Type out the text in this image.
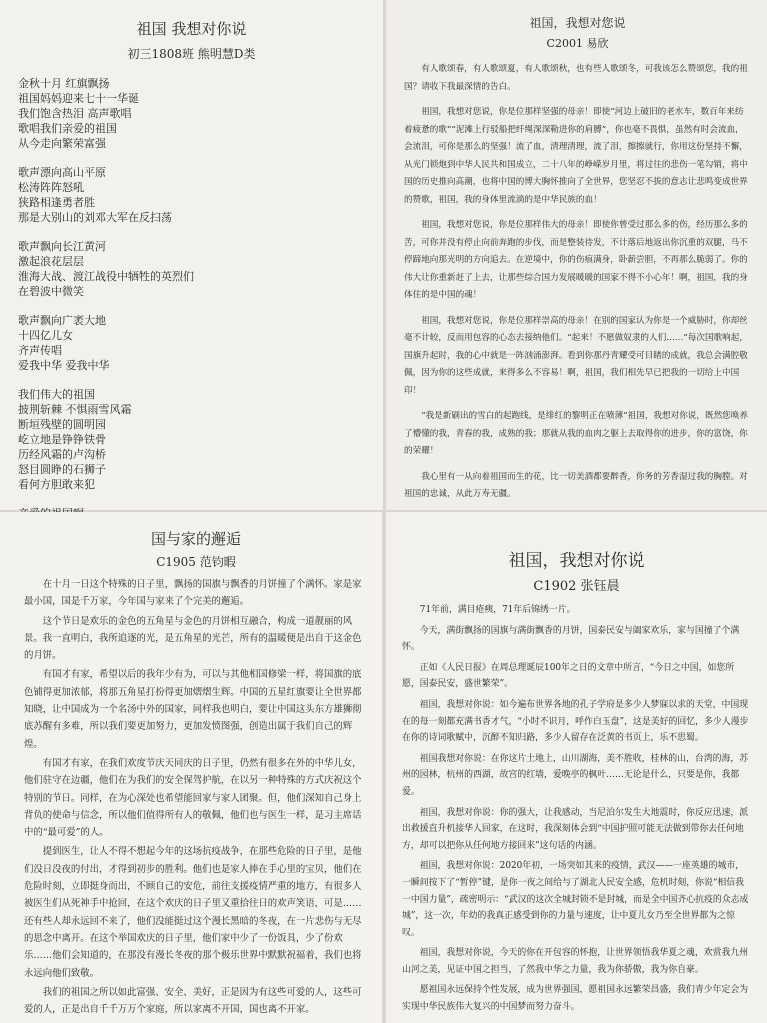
祖国 我想对你说
初三1808班 熊明慧D类
金秋十月 红旗飘扬
祖国妈妈迎来七十一华诞
我们饱含热泪 高声歌唱
歌唱我们亲爱的祖国
从今走向繁荣富强
歌声漂向高山平原
松涛阵阵怒吼
狭路相逢勇者胜
那是大别山的刘邓大军在反扫荡
歌声飘向长江黄河
激起浪花层层
淮海大战、渡江战役中牺牲的英烈们
在碧波中微笑
歌声飘向广袤大地
十四亿儿女
齐声传唱
爱我中华 爱我中华
我们伟大的祖国
披荆斩棘 不惧雨雪风霜
断垣残壁的圆明园
屹立地是铮铮铁骨
历经风霜的卢沟桥
怒目圆睁的石狮子
看何方胆敢来犯
祖国，我想对您说
C2001 易欣

有人歌颂春，有人歌颂夏，有人歌颂秋，也有些人歌颂冬，可我该怎么赞颂您，我的祖国？请收下我最深情的告白。

祖国，我想对您说，你是位那样坚强的母亲！即使“河边上破旧的老水车，数百年来纺着疲惫的歌”“泥滩上行驳船把纤绳深深勒进你的肩膊”，你也毫不畏惧，虽然有时会流血，会流泪，可你是那么的坚强！流了血，清理清理，流了泪，擦擦就行，你用这份坚持不懈，从光门锁炮到中华人民共和国成立，二十八年的峥嵘岁月里，将过往的悲伤一笔勾销，将中国的历史推向高潮，也将中国的博大胸怀推向了全世界，您坚忍不拔的意志让悲鸣变成世界的赞歌，祖国，我的身体里流淌的是中华民族的血！

祖国，我想对您说，你是位那样伟大的母亲！即使你曾受过那么多的伤，经历那么多的苦，可你并没有停止向前奔跑的步伐，而是整装待发，不计落后地返出你沉重的双腿，马不停蹄地向那光明的方向追去。在逆境中，你的伤痕满身，卧薪尝胆，不再那么脆弱了。你的伟大让你重新赶了上去，让那些综合国力发展暖暖的国家不得不小心年！啊，祖国，我的身体住的是中国的魂！

祖国，我想对您说，你是位那样崇高的母亲！在别的国家认为你是一个威胁时，你却丝毫不计较，反而用包容的心态去接纳他们。“起来！不愿做奴隶的人们……”每次国歌响起，国旗升起时，我的心中就是一阵汹涌澎湃。看到你那丹青耀受可目睹的成就，我总会满腔敬佩，因为你的这些成就，来得多么不容易！啊，祖国，我们相先早已把我的一切给上中国印！

“我是新刷出的雪白的起跑线，是绯红的黎明正在喷薄”祖国，我想对你说，既然您唤养了懵懂的我，青春的我，成熟的我；那就从我的血肉之躯上去取得你的进步，你的富饶，你的荣耀！

我心里有一从向着祖国而生的花，比一切美酒都要醉香，你务的芳香湿过我的胸膛。对祖国的忠诚，从此万寿无疆。

国与家的邂逅
C1905 范钧暇

在十月一日这个特殊的日子里，飘扬的国旗与飘香的月饼撞了个满怀。家是家最小国，国是千万家，今年国与家来了个完美的邂逅。

这个节日是欢乐的金色的五角星与金色的月饼相互融合，构成一道靓丽的风景。我一直明白，我所追逐的光，是五角星的光芒，所有的温暖便是出自于这金色的月饼。

有国才有家，希望以后的我年少有为，可以与其他相国修梁一样，将国旗的底色铺得更加浓郁，将那五角星打扮得更加熠熠生辉。中国的五星红旗要让全世界都知晓，让中国成为一个名汤中外的国家，同样我也明白，要让中国这头东方雄狮彻底苏醒有多难，所以我们要更加努力，更加发愤图强，创造出属于我们自己的辉煌。

有国才有家，在我们欢度节庆天同庆的日子里，仍然有很多在外的中华儿女，他们驻守在边疆，他们在为我们的安全保驾护航，在以另一种特殊的方式庆祝这个特别的节日。同样，在为心深处也希望能回家与家人团聚。但，他们深知自己身上背负的使命与信念，所以他们值得所有人的敬佩，他们也与医生一样，是习主席话中的“最可爱”的人。

提到医生，让人不得不想起今年的这场抗疫战争，在那些危险的日子里，是他们没日没夜的付出，才得到初步的胜利。他们也是家人捧在手心里的宝贝，他们在危险时刻，立即挺身而出，不顾自己的安危，前往支援疫情严重的地方，有很多人被医生们从死神手中抢回，在这个欢庆的日子里又重拾往日的欢声笑语，可是……还有些人却永远回不来了，他们没能挺过这个漫长黑暗的冬夜，在一片悲伤与无尽的思念中离开。在这个举国欢庆的日子里，他们家中少了一份饭具，少了份欢乐……他们会知道的，在那没有漫长冬夜的那个极乐世界中默默祝福着，我们也将永远向他们致敬。

我们的祖国之所以如此富强、安全、美好，正是因为有这些可爱的人，这些可爱的人，正是出自千千万万个家庭，所以家离不开国，国也离不开家。

祖国，我想对你说
C1902 张钰晨

71年前，满目疮痍，71年后锦绣一片。

今天，满街飘扬的国旗与满街飘香的月饼，国泰民安与阖家欢乐，家与国撞了个满怀。

正如《人民日报》在周总理诞辰100年之日的文章中所言，“今日之中国，如您所愿，国泰民安，盛世繁荣”。

祖国，我想对你说：如今遍布世界各地的孔子学府是多少人梦寐以求的天堂，中国现在的每一刻都充满书香才气，“小时不识月，呼作白玉盘”，这是美好的回忆，多少人漫步在你的诗词歌赋中，沉醉不知归路，多少人留存在泛黄的书页上，乐不思蜀。

祖国我想对你说：在你这片土地上，山川湖海，美不胜收，桂林的山，台湾的海，苏州的园林，杭州的西湖，故宫的红墙，爱晚亭的枫叶……无论是什么，只要是你，我都爱。

祖国，我想对你说：你的强大，让我感动，当尼泊尔发生大地震时，你反应迅速，派出救援直升机接华人回家，在这时，我深刻体会到“中国护照可能无法做到带你去任何地方，却可以把你从任何地方接回来”这句话的内涵。

祖国，我想对你说：2020年初，一场突如其来的疫情，武汉——一座英雄的城市，一瞬间按下了“暂停”键，是你一夜之间给与了湖北人民安全感，危机时刻，你说“相信我一中国力量”，疏密明示：“武汉的这次全城封锁不是封城，而是全中国齐心抗疫的众志成城”，这一次，年幼的我真正感受到你的力量与速度，让中夏儿女乃至全世界都为之惊叹。

祖国，我想对你说，今天的你在开包容的怀抱，让世界领悟我华夏之魂，欢赏我九州山河之美，见证中国之担当，了然我中华之力量，我为你骄傲，我为你自豪。

愿祖国永远保持个性发展，成为世界强国，愿祖国永远繁荣昌盛，我们青少年定会为实现中华民族伟大复兴的中国梦而努力奋斗。
